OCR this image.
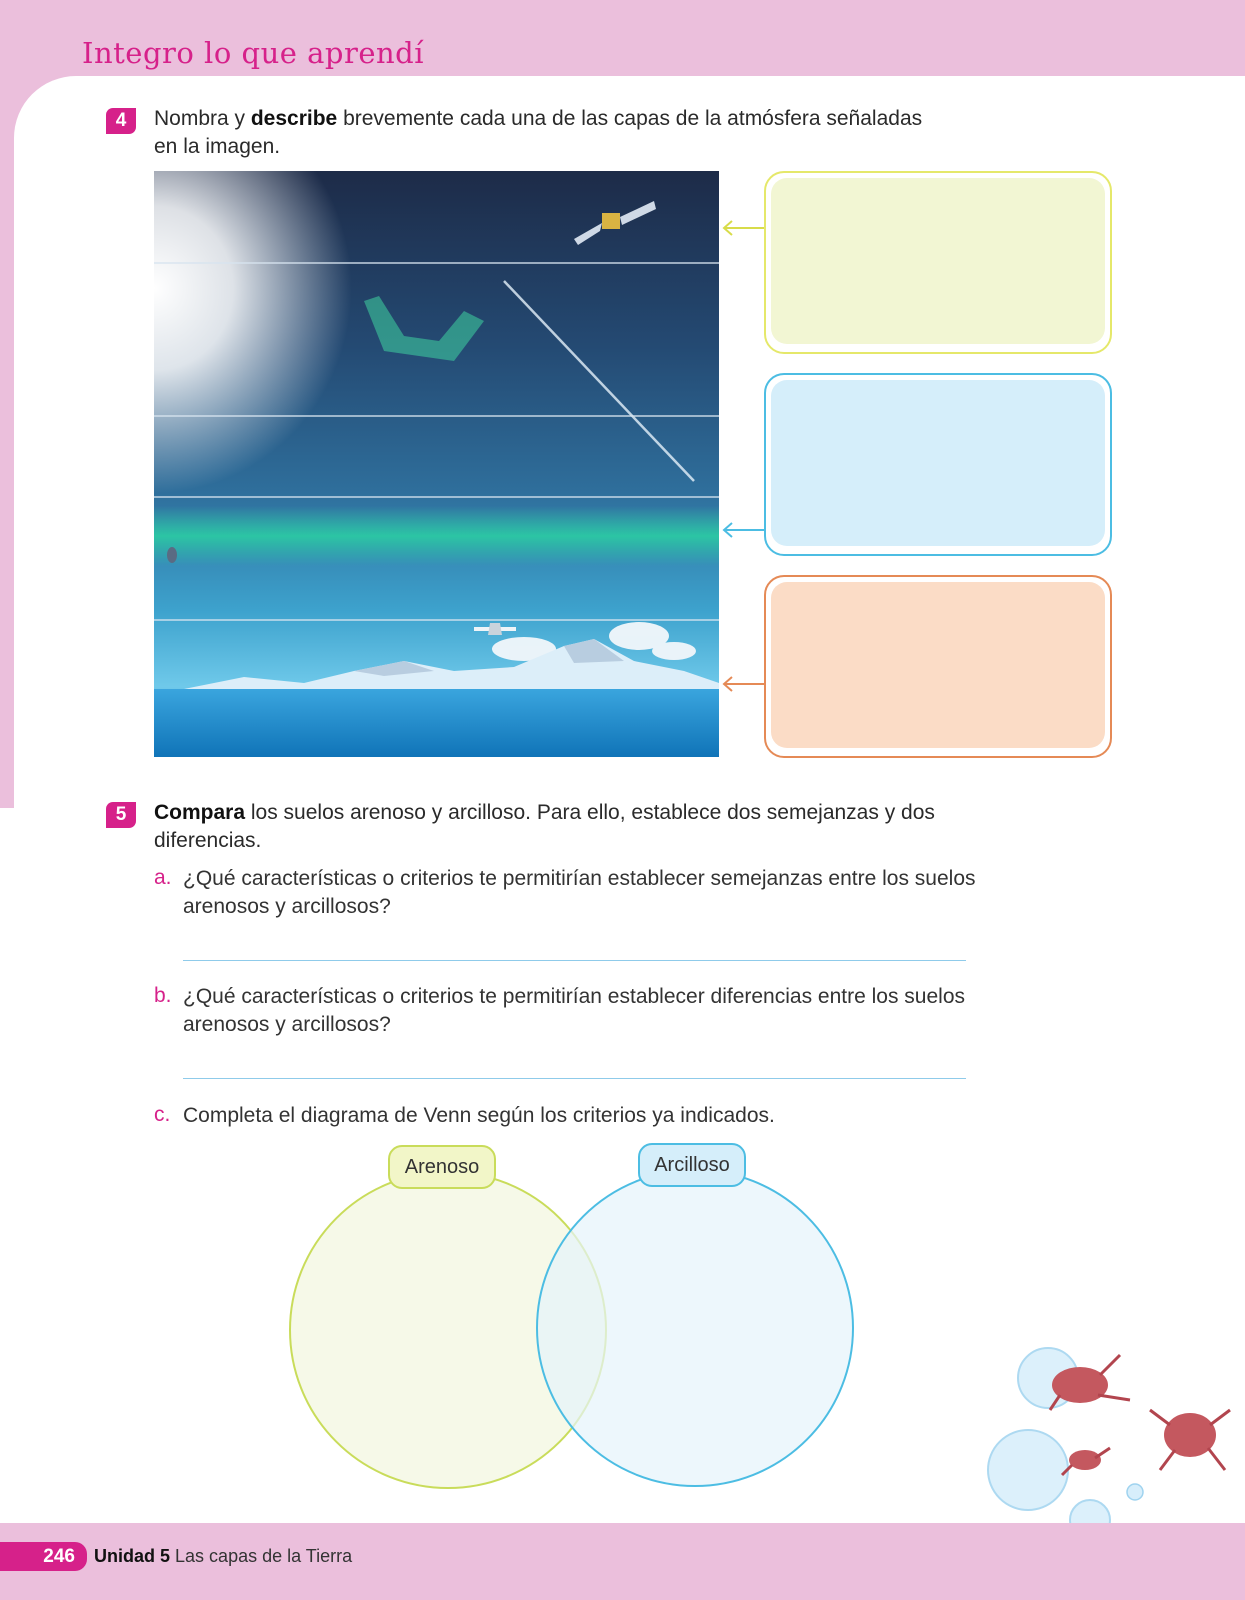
Integro lo que aprendí
4	Nombra y describe brevemente cada una de las capas de la atmósfera señaladas
en la imagen.
5	Compara los suelos arenoso y arcilloso. Para ello, establece dos semejanzas y dos
diferencias.
a. ¿Qué características o criterios te permitirían establecer semejanzas entre los suelos
arenosos y arcillosos?
b. ¿Qué características o criterios te permitirían establecer diferencias entre los suelos
arenosos y arcillosos?
c. Completa el diagrama de Venn según los criterios ya indicados.
Arenoso	Arcilloso
246	Unidad 5 Las capas de la Tierra
